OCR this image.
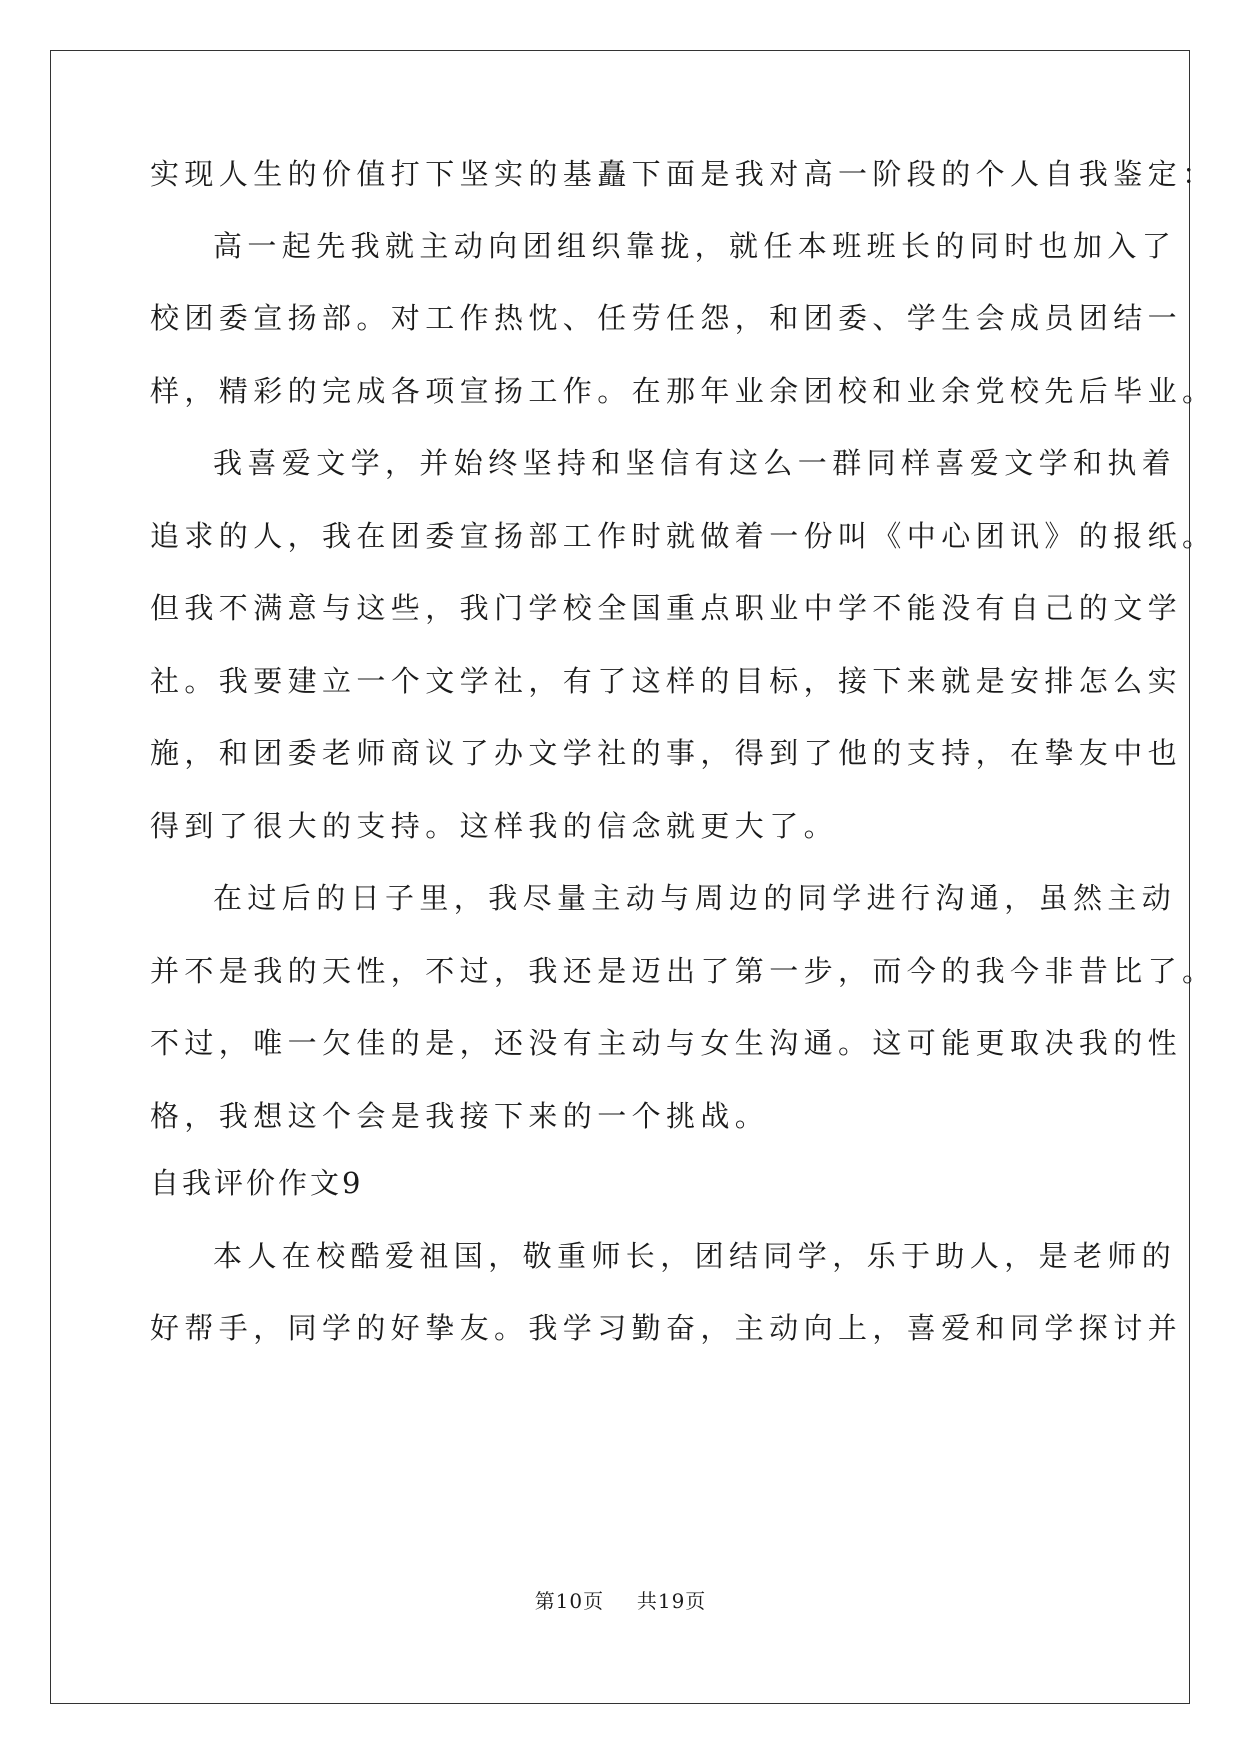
实现人生的价值打下坚实的基矗下面是我对高一阶段的个人自我鉴定：
高一起先我就主动向团组织靠拢，就任本班班长的同时也加入了
校团委宣扬部。对工作热忱、任劳任怨，和团委、学生会成员团结一
样，精彩的完成各项宣扬工作。在那年业余团校和业余党校先后毕业。
我喜爱文学，并始终坚持和坚信有这么一群同样喜爱文学和执着
追求的人，我在团委宣扬部工作时就做着一份叫《中心团讯》的报纸。
但我不满意与这些，我门学校全国重点职业中学不能没有自己的文学
社。我要建立一个文学社，有了这样的目标，接下来就是安排怎么实
施，和团委老师商议了办文学社的事，得到了他的支持，在挚友中也
得到了很大的支持。这样我的信念就更大了。
在过后的日子里，我尽量主动与周边的同学进行沟通，虽然主动
并不是我的天性，不过，我还是迈出了第一步，而今的我今非昔比了。
不过，唯一欠佳的是，还没有主动与女生沟通。这可能更取决我的性
格，我想这个会是我接下来的一个挑战。
自我评价作文9
本人在校酷爱祖国，敬重师长，团结同学，乐于助人，是老师的
好帮手，同学的好挚友。我学习勤奋，主动向上，喜爱和同学探讨并
第10页 共19页
